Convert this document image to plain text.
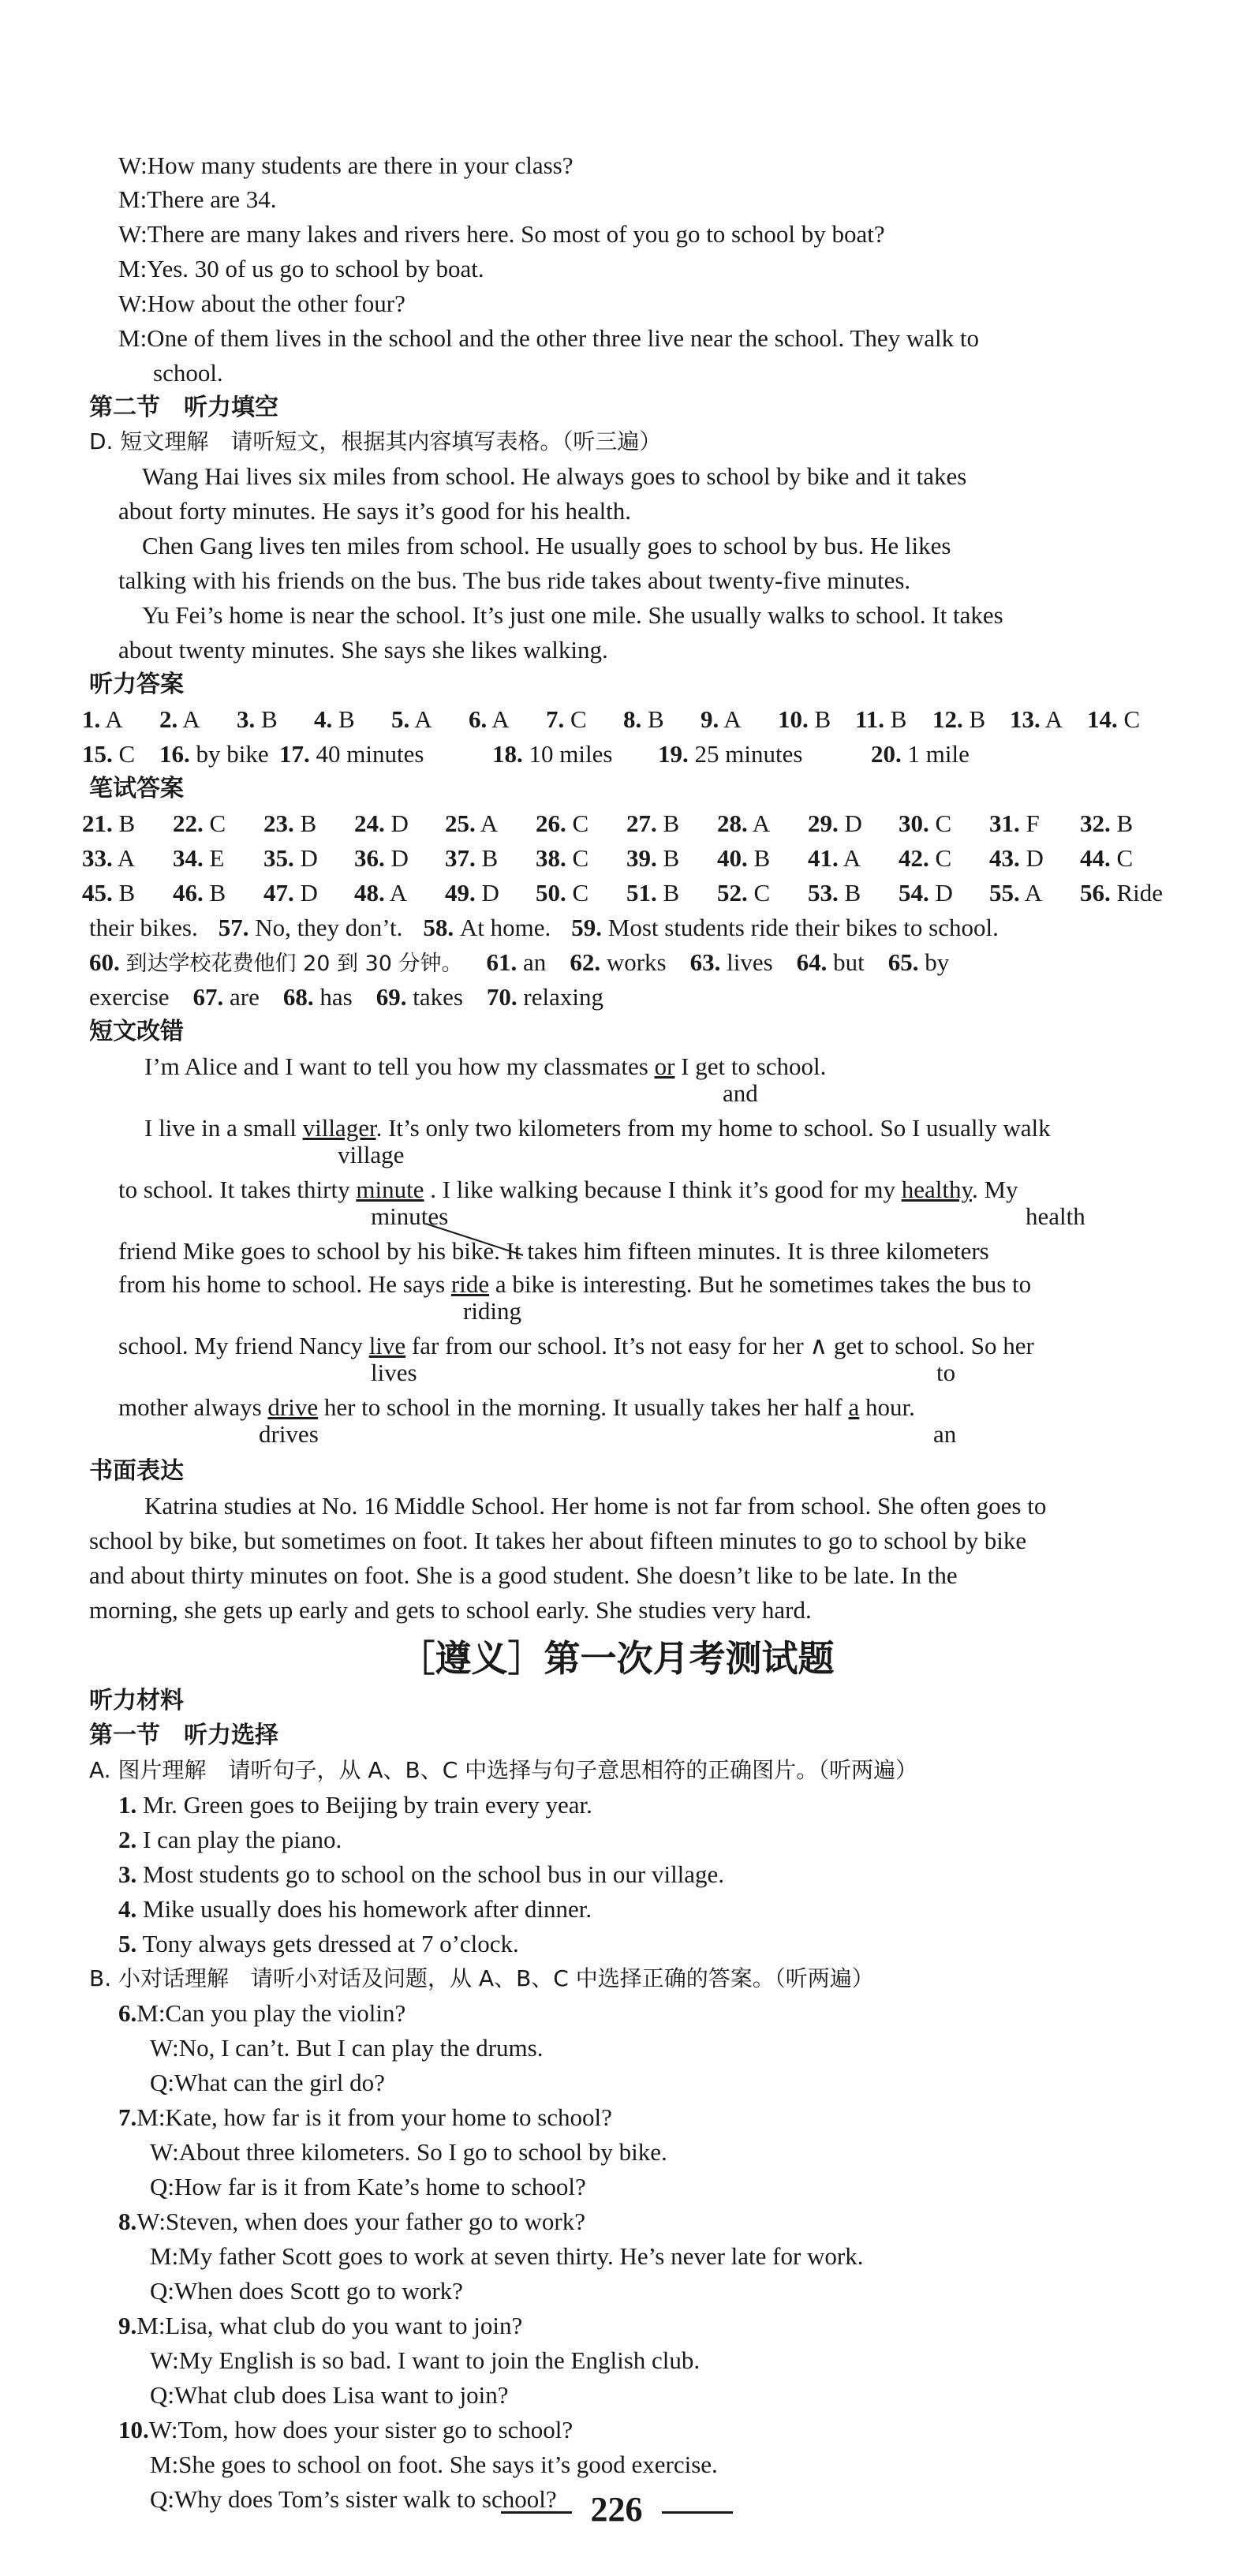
W:How many students are there in your class?
M:There are 34.
W:There are many lakes and rivers here. So most of you go to school by boat?
M:Yes. 30 of us go to school by boat.
W:How about the other four?
M:One of them lives in the school and the other three live near the school. They walk to
school.
第二节　听力填空
D. 短文理解　请听短文，根据其内容填写表格。（听三遍）
Wang Hai lives six miles from school. He always goes to school by bike and it takes
about forty minutes. He says it’s good for his health.
Chen Gang lives ten miles from school. He usually goes to school by bus. He likes
talking with his friends on the bus. The bus ride takes about twenty-five minutes.
Yu Fei’s home is near the school. It’s just one mile. She usually walks to school. It takes
about twenty minutes. She says she likes walking.
听力答案
1. A 2. A 3. B 4. B 5. A 6. A 7. C 8. B 9. A 10. B 11. B 12. B 13. A 14. C
15. C 16. by bike 17. 40 minutes	18. 10 miles 19. 25 minutes	20. 1 mile
笔试答案
21. B 22. C 23. B 24. D 25. A 26. C 27. B 28. A 29. D 30. C 31. F 32. B
33. A 34. E 35. D 36. D 37. B 38. C 39. B 40. B 41. A 42. C 43. D 44. C
45. B 46. B 47. D 48. A 49. D 50. C 51. B 52. C 53. B 54. D 55. A 56. Ride
their bikes. 57. No, they don’t. 58. At home. 59. Most students ride their bikes to school.
60. 到达学校花费他们 20 到 30 分钟。 61. an 62. works 63. lives 64. but 65. by
exercise 67. are 68. has 69. takes 70. relaxing
短文改错
I’m Alice and I want to tell you how my classmates or I get to school.
and
I live in a small villager. It’s only two kilometers from my home to school. So I usually walk
village
to school. It takes thirty minute . I like walking because I think it’s good for my healthy. My
minutes	health
friend Mike goes to school by his bike. It takes him fifteen minutes. It is three kilometers
from his home to school. He says ride a bike is interesting. But he sometimes takes the bus to
riding
school. My friend Nancy live far from our school. It’s not easy for her ∧ get to school. So her
lives	to
mother always drive her to school in the morning. It usually takes her half a hour.
drives	an
书面表达
Katrina studies at No. 16 Middle School. Her home is not far from school. She often goes to
school by bike, but sometimes on foot. It takes her about fifteen minutes to go to school by bike
and about thirty minutes on foot. She is a good student. She doesn’t like to be late. In the
morning, she gets up early and gets to school early. She studies very hard.
［遵义］第一次月考测试题
听力材料
第一节　听力选择
A. 图片理解　请听句子，从 A、B、C 中选择与句子意思相符的正确图片。（听两遍）
1. Mr. Green goes to Beijing by train every year.
2. I can play the piano.
3. Most students go to school on the school bus in our village.
4. Mike usually does his homework after dinner.
5. Tony always gets dressed at 7 o’clock.
B. 小对话理解　请听小对话及问题，从 A、B、C 中选择正确的答案。（听两遍）
6.M:Can you play the violin?
W:No, I can’t. But I can play the drums.
Q:What can the girl do?
7.M:Kate, how far is it from your home to school?
W:About three kilometers. So I go to school by bike.
Q:How far is it from Kate’s home to school?
8.W:Steven, when does your father go to work?
M:My father Scott goes to work at seven thirty. He’s never late for work.
Q:When does Scott go to work?
9.M:Lisa, what club do you want to join?
W:My English is so bad. I want to join the English club.
Q:What club does Lisa want to join?
10.W:Tom, how does your sister go to school?
M:She goes to school on foot. She says it’s good exercise.
Q:Why does Tom’s sister walk to school? 226
